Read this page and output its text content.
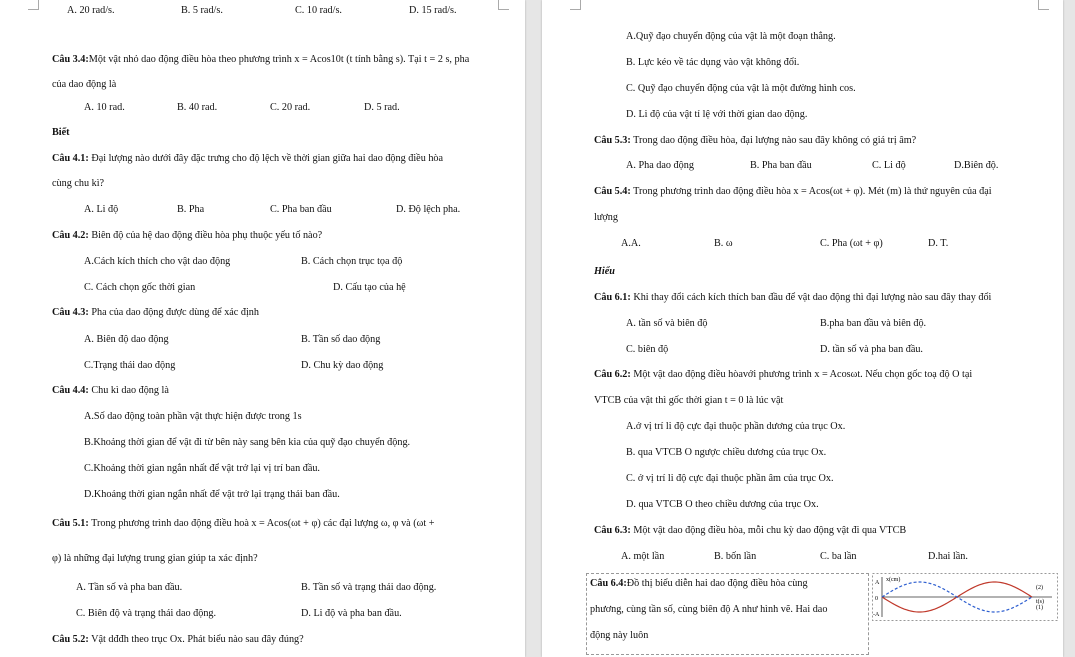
A. 20 rad/s.	B. 5 rad/s.	C. 10 rad/s.	D. 15 rad/s.
Câu 3.4:Một vật nhỏ dao động điều hòa theo phương trình x = Acos10t (t tính bằng s). Tại t = 2 s, pha
của dao động là
A. 10 rad.	B. 40 rad.	C. 20 rad.	D. 5 rad.
Biết
Câu 4.1: Đại lượng nào dưới đây đặc trưng cho độ lệch về thời gian giữa hai dao động điều hòa
cùng chu kì?
A. Li độ	B. Pha	C. Pha ban đầu	D. Độ lệch pha.
Câu 4.2: Biên độ của hệ dao động điều hòa phụ thuộc yếu tố nào?
A.Cách kích thích cho vật dao động	B. Cách chọn trục tọa độ
C. Cách chọn gốc thời gian	D. Cấu tạo của hệ
Câu 4.3: Pha của dao động được dùng để xác định
A. Biên độ dao động	B. Tần số dao động
C.Trạng thái dao động	D. Chu kỳ dao động
Câu 4.4: Chu kì dao động là
A.Số dao động toàn phần vật thực hiện được trong 1s
B.Khoảng thời gian để vật đi từ bên này sang bên kia của quỹ đạo chuyển động.
C.Khoảng thời gian ngắn nhất để vật trở lại vị trí ban đầu.
D.Khoảng thời gian ngắn nhất để vật trở lại trạng thái ban đầu.
Câu 5.1: Trong phương trình dao động điều hoà x = Acos(ωt + φ) các đại lượng ω, φ và (ωt +
φ) là những đại lượng trung gian giúp ta xác định?
A. Tần số và pha ban đầu.	B. Tần số và trạng thái dao động.
C. Biên độ và trạng thái dao động.	D. Li độ và pha ban đầu.
Câu 5.2: Vật dđđh theo trục Ox. Phát biểu nào sau đây đúng?
A.Quỹ đạo chuyển động của vật là một đoạn thẳng.
B. Lực kéo về tác dụng vào vật không đổi.
C. Quỹ đạo chuyển động của vật là một đường hình cos.
D. Li độ của vật tỉ lệ với thời gian dao động.
Câu 5.3: Trong dao động điều hòa, đại lượng nào sau đây không có giá trị âm?
A. Pha dao động	B. Pha ban đầu	C. Li độ	D.Biên độ.
Câu 5.4: Trong phương trình dao động điều hòa x = Acos(ωt + φ). Mét (m) là thứ nguyên của đại
lượng
A.A.	B. ω	C. Pha (ωt + φ)	D. T.
Hiểu
Câu 6.1: Khi thay đổi cách kích thích ban đầu để vật dao động thì đại lượng nào sau đây thay đổi
A. tần số và biên độ	B.pha ban đầu và biên độ.
C. biên độ	D. tần số và pha ban đầu.
Câu 6.2: Một vật dao động điều hòavới phương trình x = Acosωt. Nếu chọn gốc toạ độ O tại
VTCB của vật thì gốc thời gian t = 0 là lúc vật
A.ở vị trí li độ cực đại thuộc phần dương của trục Ox.
B. qua VTCB O ngược chiều dương của trục Ox.
C. ở vị trí li độ cực đại thuộc phần âm của trục Ox.
D. qua VTCB O theo chiều dương của trục Ox.
Câu 6.3: Một vật dao động điều hòa, mỗi chu kỳ dao động vật đi qua VTCB
A. một lần	B. bốn lần	C. ba lần	D.hai lần.
Câu 6.4:Đồ thị biểu diễn hai dao động điều hòa cùng
phương, cùng tần số, cùng biên độ A như hình vẽ. Hai dao
động này luôn
x(cm)
A
0
-A
t(s)
(2)
(1)
